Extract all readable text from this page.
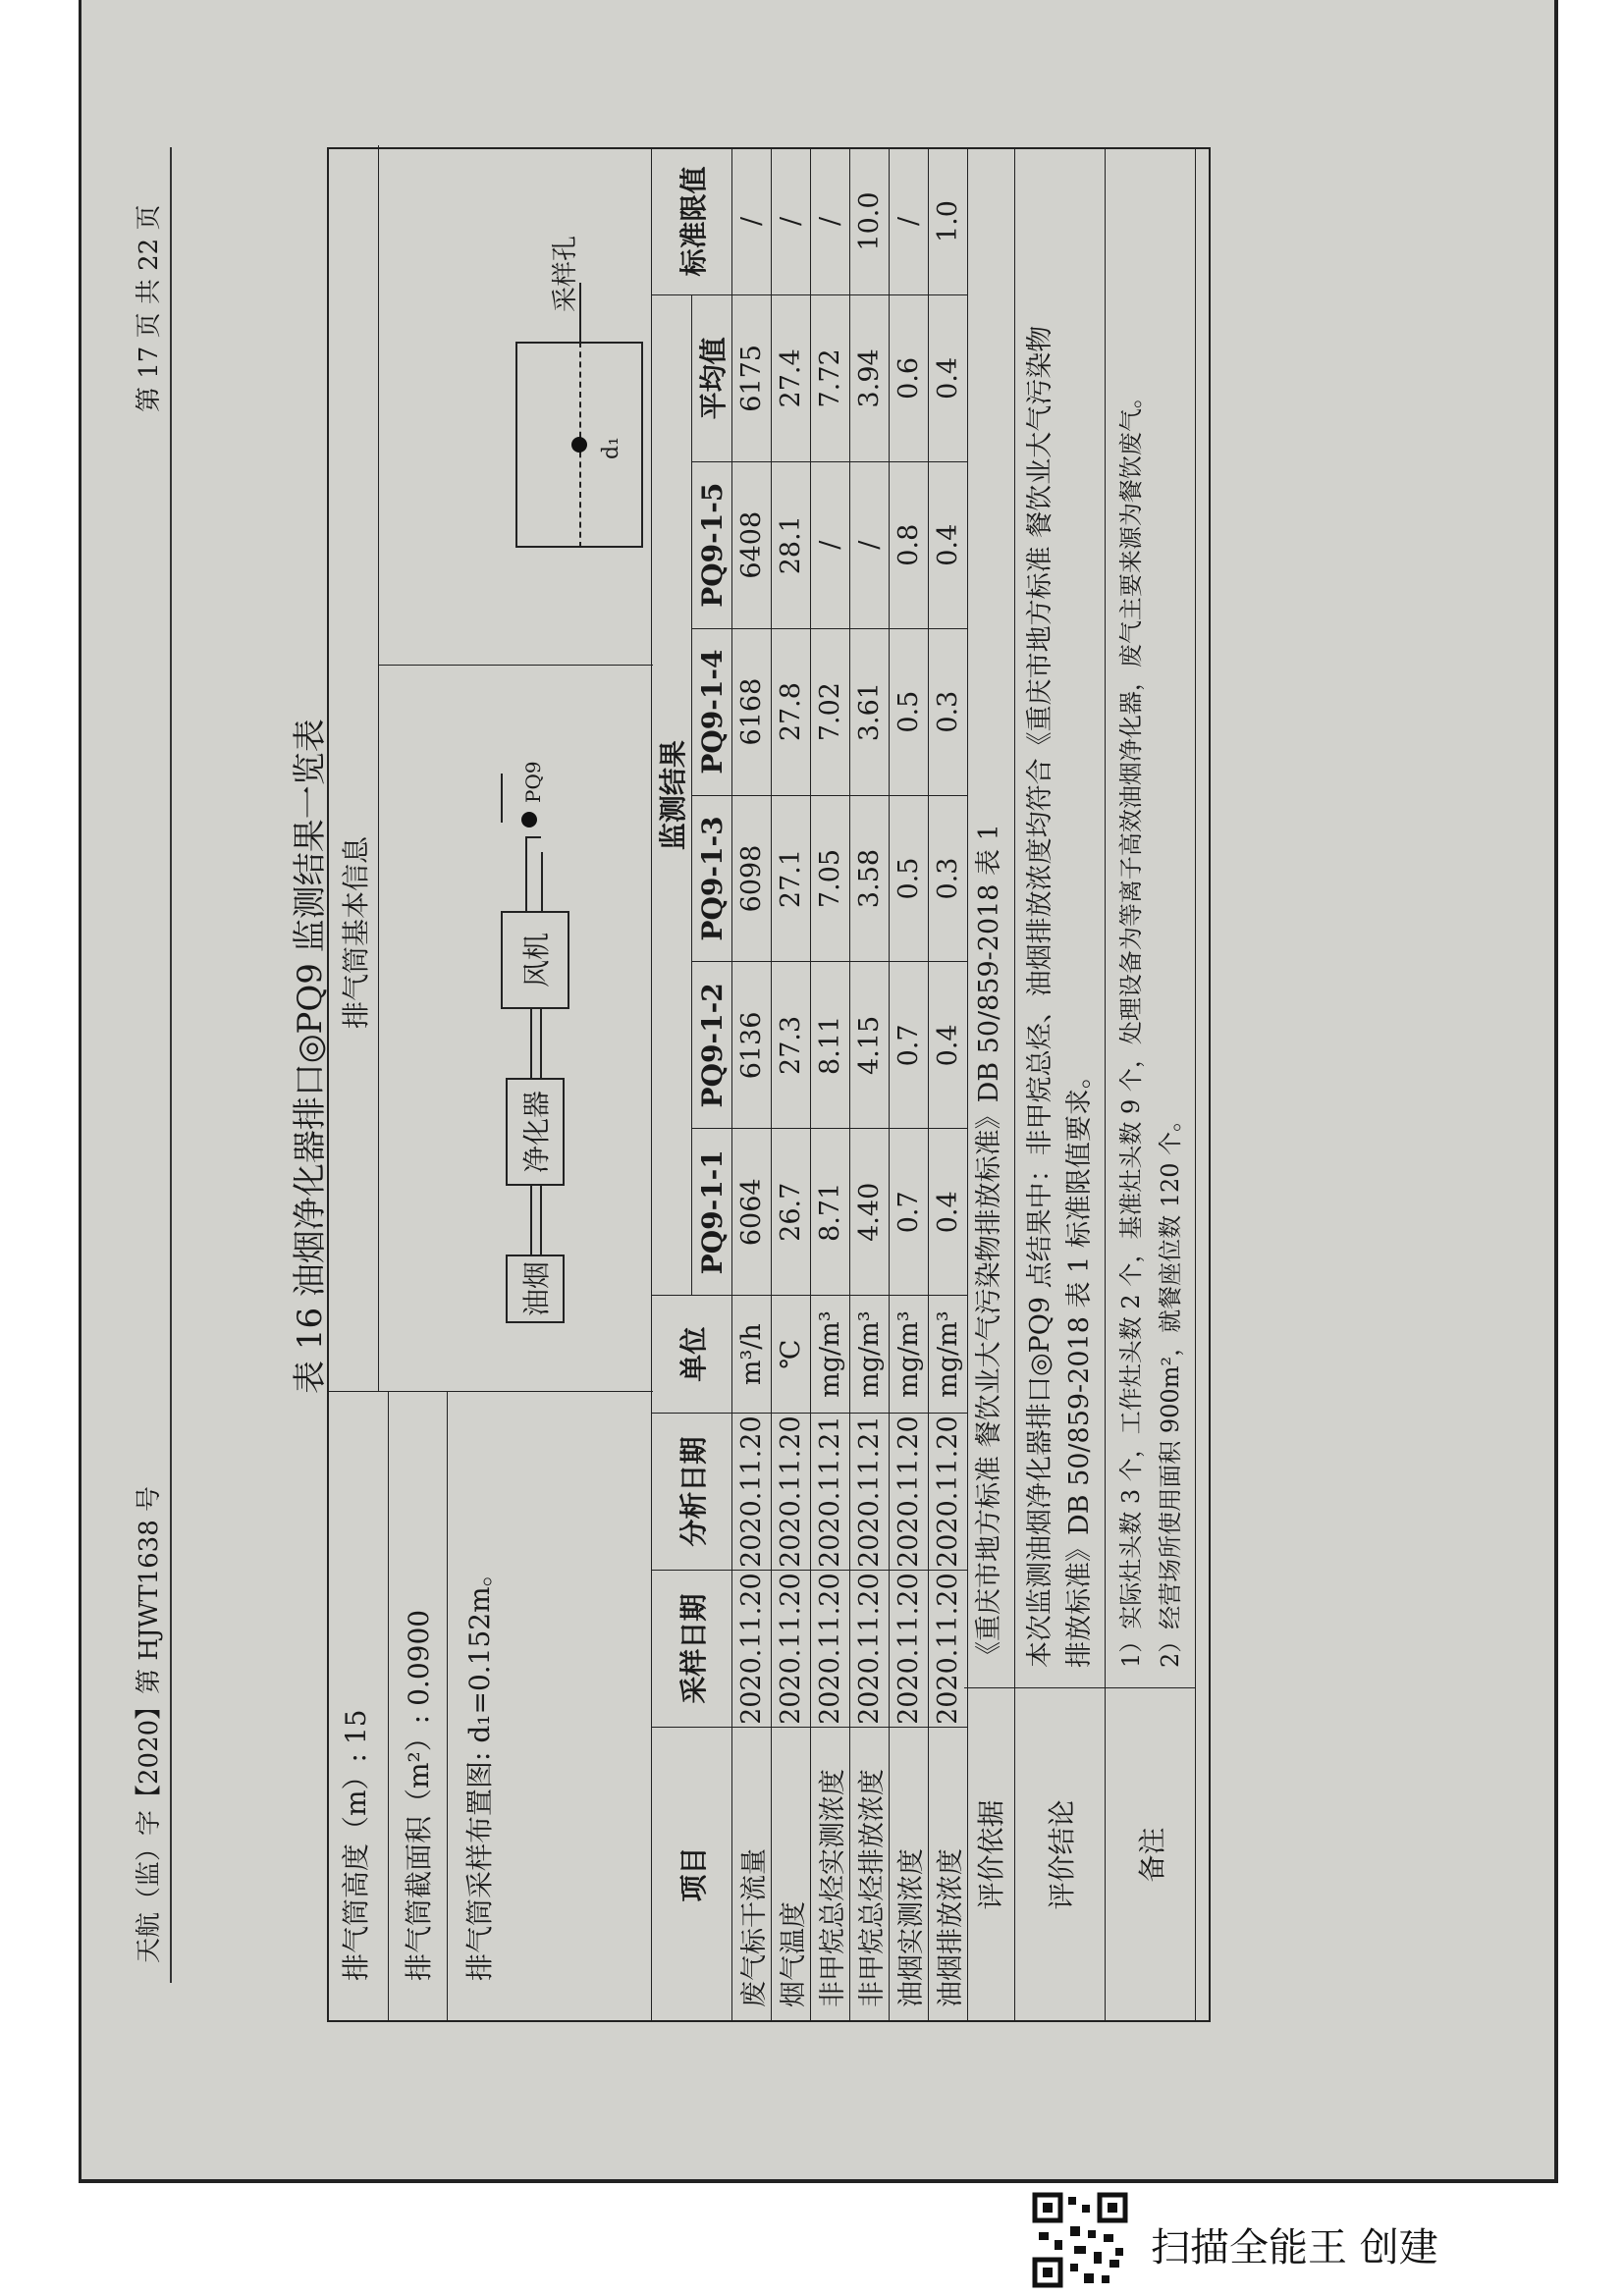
天航（监）字【2020】第 HJWT1638 号
第 17 页 共 22 页
表 16 油烟净化器排口◎PQ9 监测结果一览表
排气筒高度（m）: 15 排气筒截面积（m²）: 0.0900 排气筒采样布置图: d₁=0.152m。
排气筒基本信息
油烟
净化器
风机
PQ9
d₁
采样孔
项目	采样日期	分析日期	单位	监测结果						标准限值
				PQ9-1-1	PQ9-1-2	PQ9-1-3	PQ9-1-4	PQ9-1-5	平均值	
废气标干流量	2020.11.20	2020.11.20	m³/h	6064	6136	6098	6168	6408	6175	/
烟气温度	2020.11.20	2020.11.20	℃	26.7	27.3	27.1	27.8	28.1	27.4	/
非甲烷总烃实测浓度	2020.11.20	2020.11.21	mg/m³	8.71	8.11	7.05	7.02	/	7.72	/
非甲烷总烃排放浓度	2020.11.20	2020.11.21	mg/m³	4.40	4.15	3.58	3.61	/	3.94	10.0
油烟实测浓度	2020.11.20	2020.11.20	mg/m³	0.7	0.7	0.5	0.5	0.8	0.6	/
油烟排放浓度	2020.11.20	2020.11.20	mg/m³	0.4	0.4	0.3	0.3	0.4	0.4	1.0
评价依据
《重庆市地方标准 餐饮业大气污染物排放标准》DB 50/859-2018 表 1
评价结论
本次监测油烟净化器排口◎PQ9 点结果中：非甲烷总烃、油烟排放浓度均符合《重庆市地方标准 餐饮业大气污染物 排放标准》DB 50/859-2018 表 1 标准限值要求。
备注
1）实际灶头数 3 个，工作灶头数 2 个，基准灶头数 9 个，处理设备为等离子高效油烟净化器，废气主要来源为餐饮废气。 2）经营场所使用面积 900m²，就餐座位数 120 个。
扫描全能王 创建
